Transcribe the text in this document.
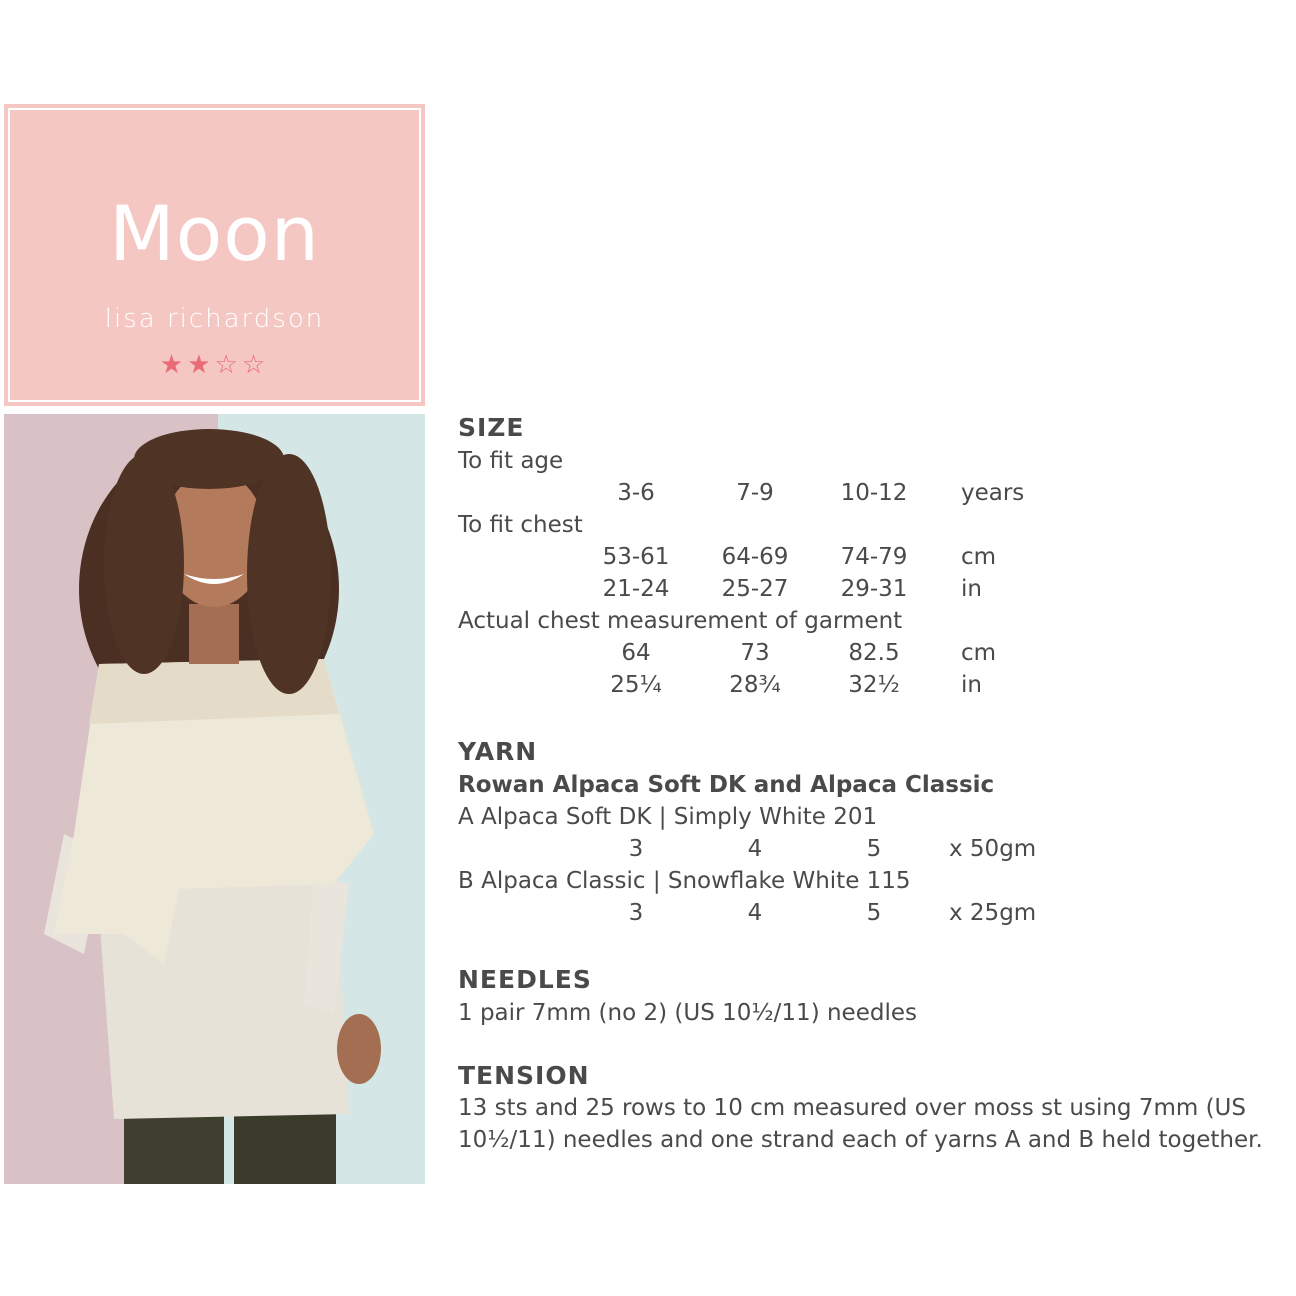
Moon
lisa richardson
★★☆☆
SIZE
To fit age
3-6	7-9	10-12	years
To fit chest
53-61	64-69	74-79	cm
21-24	25-27	29-31	in
Actual chest measurement of garment
64	73	82.5	cm
25¼	28¾	32½	in
YARN
Rowan Alpaca Soft DK and Alpaca Classic
A Alpaca Soft DK | Simply White 201
3	4	5	x 50gm
B Alpaca Classic | Snowflake White 115
3	4	5	x 25gm
NEEDLES
1 pair 7mm (no 2) (US 10½/11) needles
TENSION
13 sts and 25 rows to 10 cm measured over moss st using 7mm (US
10½/11) needles and one strand each of yarns A and B held together.
